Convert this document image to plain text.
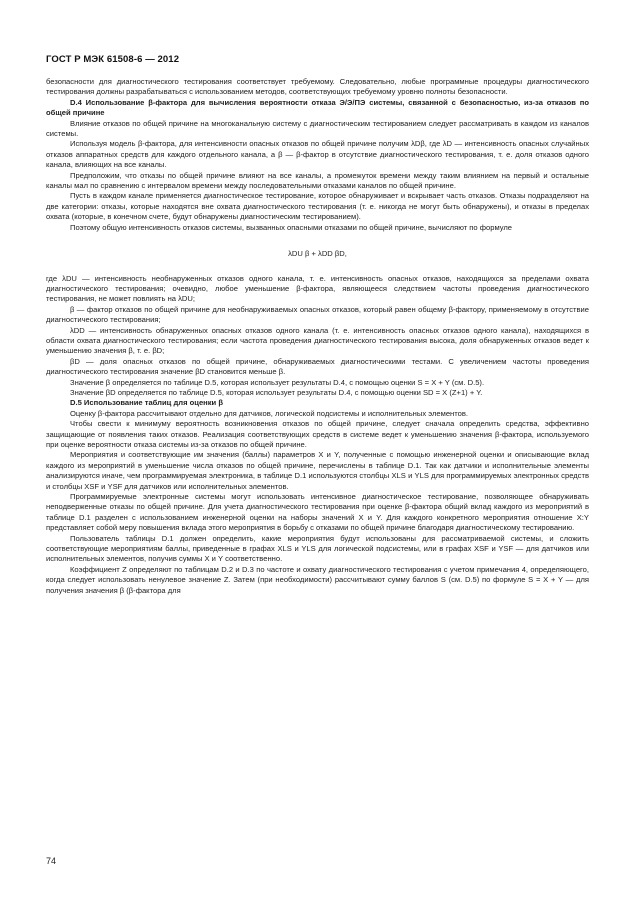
ГОСТ Р МЭК 61508-6 — 2012

безопасности для диагностического тестирования соответствует требуемому. Следовательно, любые программные процедуры диагностического тестирования должны разрабатываться с использованием методов, соответствующих требуемому уровню полноты безопасности.

D.4 Использование β-фактора для вычисления вероятности отказа Э/Э/ПЭ системы, связанной с безопасностью, из-за отказов по общей причине

Влияние отказов по общей причине на многоканальную систему с диагностическим тестированием следует рассматривать в каждом из каналов системы.

Используя модель β-фактора, для интенсивности опасных отказов по общей причине получим λDβ, где λD — интенсивность опасных случайных отказов аппаратных средств для каждого отдельного канала, а β — β-фактор в отсутствие диагностического тестирования, т. е. доля отказов одного канала, влияющих на все каналы.

Предположим, что отказы по общей причине влияют на все каналы, а промежуток времени между таким влиянием на первый и остальные каналы мал по сравнению с интервалом времени между последовательными отказами каналов по общей причине.

Пусть в каждом канале применяется диагностическое тестирование, которое обнаруживает и вскрывает часть отказов. Отказы подразделяют на две категории: отказы, которые находятся вне охвата диагностического тестирования (т. е. никогда не могут быть обнаружены), и отказы в пределах охвата (которые, в конечном счете, будут обнаружены диагностическим тестированием).

Поэтому общую интенсивность отказов системы, вызванных опасными отказами по общей причине, вычисляют по формуле

λDU β + λDD βD,

где λDU — интенсивность необнаруженных отказов одного канала, т. е. интенсивность опасных отказов, находящихся за пределами охвата диагностического тестирования; очевидно, любое уменьшение β-фактора, являющееся следствием частоты проведения диагностического тестирования, не может повлиять на λDU;

β — фактор отказов по общей причине для необнаруживаемых опасных отказов, который равен общему β-фактору, применяемому в отсутствие диагностического тестирования;

λDD — интенсивность обнаруженных опасных отказов одного канала (т. е. интенсивность опасных отказов одного канала), находящихся в области охвата диагностического тестирования; если частота проведения диагностического тестирования высока, доля обнаруженных отказов ведет к уменьшению значения β, т. е. βD;

βD — доля опасных отказов по общей причине, обнаруживаемых диагностическими тестами. С увеличением частоты проведения диагностического тестирования значение βD становится меньше β.

Значение β определяется по таблице D.5, которая использует результаты D.4, с помощью оценки S = X + Y (см. D.5).

Значение βD определяется по таблице D.5, которая использует результаты D.4, с помощью оценки SD = X (Z+1) + Y.

D.5 Использование таблиц для оценки β

Оценку β-фактора рассчитывают отдельно для датчиков, логической подсистемы и исполнительных элементов.

Чтобы свести к минимуму вероятность возникновения отказов по общей причине, следует сначала определить средства, эффективно защищающие от появления таких отказов. Реализация соответствующих средств в системе ведет к уменьшению значения β-фактора, используемого при оценке вероятности отказа системы из-за отказов по общей причине.

Мероприятия и соответствующие им значения (баллы) параметров X и Y, полученные с помощью инженерной оценки и описывающие вклад каждого из мероприятий в уменьшение числа отказов по общей причине, перечислены в таблице D.1. Так как датчики и исполнительные элементы анализируются иначе, чем программируемая электроника, в таблице D.1 используются столбцы XLS и YLS для программируемых электронных средств и столбцы XSF и YSF для датчиков или исполнительных элементов.

Программируемые электронные системы могут использовать интенсивное диагностическое тестирование, позволяющее обнаруживать неподверженные отказы по общей причине. Для учета диагностического тестирования при оценке β-фактора общий вклад каждого из мероприятий в таблице D.1 разделен с использованием инженерной оценки на наборы значений X и Y. Для каждого конкретного мероприятия отношение X:Y представляет собой меру повышения вклада этого мероприятия в борьбу с отказами по общей причине благодаря диагностическому тестированию.

Пользователь таблицы D.1 должен определить, какие мероприятия будут использованы для рассматриваемой системы, и сложить соответствующие мероприятиям баллы, приведенные в графах XLS и YLS для логической подсистемы, или в графах XSF и YSF — для датчиков или исполнительных элементов, получив суммы X и Y соответственно.

Коэффициент Z определяют по таблицам D.2 и D.3 по частоте и охвату диагностического тестирования с учетом примечания 4, определяющего, когда следует использовать ненулевое значение Z. Затем (при необходимости) рассчитывают сумму баллов S (см. D.5) по формуле S = X + Y — для получения значения β (β-фактора для

74
